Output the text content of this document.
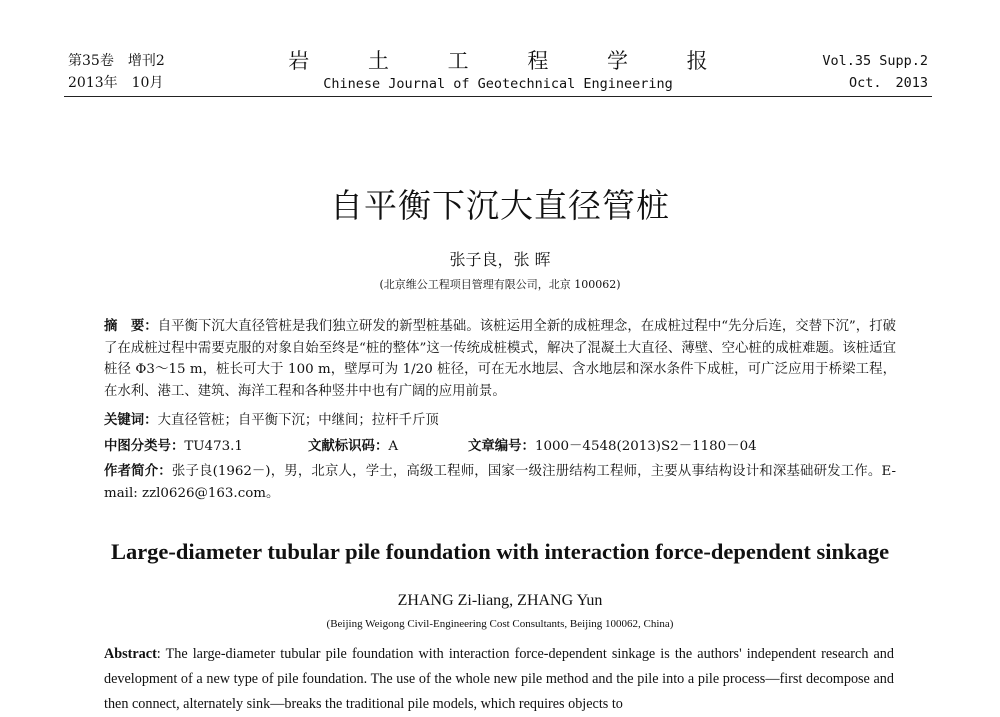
第35卷 增刊2
2013年 10月
岩 土 工 程 学 报
Chinese Journal of Geotechnical Engineering
Vol.35 Supp.2
Oct. 2013
自平衡下沉大直径管桩
张子良，张 晖
(北京维公工程项目管理有限公司，北京 100062)
摘　要：自平衡下沉大直径管桩是我们独立研发的新型桩基础。该桩运用全新的成桩理念，在成桩过程中“先分后连，交替下沉”，打破了在成桩过程中需要克服的对象自始至终是“桩的整体”这一传统成桩模式，解决了混凝土大直径、薄壁、空心桩的成桩难题。该桩适宜桩径 Φ3～15 m，桩长可大于 100 m，壁厚可为 1/20 桩径，可在无水地层、含水地层和深水条件下成桩，可广泛应用于桥梁工程，在水利、港工、建筑、海洋工程和各种竖井中也有广阔的应用前景。
关键词：大直径管桩；自平衡下沉；中继间；拉杆千斤顶
中图分类号：TU473.1	文献标识码：A	文章编号：1000－4548(2013)S2－1180－04
作者简介：张子良(1962－)，男，北京人，学士，高级工程师，国家一级注册结构工程师，主要从事结构设计和深基础研发工作。E-mail: zzl0626@163.com。
Large-diameter tubular pile foundation with interaction force-dependent sinkage
ZHANG Zi-liang, ZHANG Yun
(Beijing Weigong Civil-Engineering Cost Consultants, Beijing 100062, China)
Abstract: The large-diameter tubular pile foundation with interaction force-dependent sinkage is the authors' independent research and development of a new type of pile foundation. The use of the whole new pile method and the pile into a pile process—first decompose and then connect, alternately sink—breaks the traditional pile models, which requires objects to
